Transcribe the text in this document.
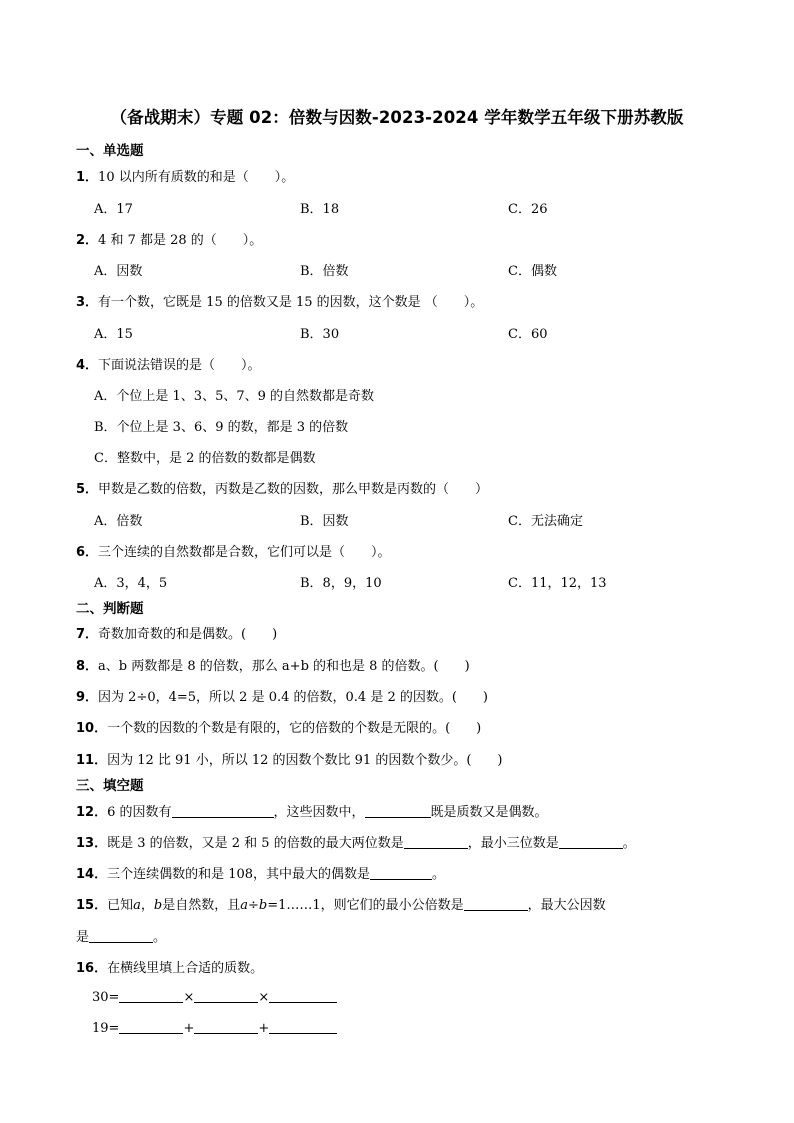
（备战期末）专题 02：倍数与因数-2023-2024 学年数学五年级下册苏教版
一、单选题
1．10 以内所有质数的和是（　　）。
A．17	B．18	C．26
2．4 和 7 都是 28 的（　　）。
A．因数	B．倍数	C．偶数
3．有一个数，它既是 15 的倍数又是 15 的因数，这个数是 （　　）。
A．15	B．30	C．60
4．下面说法错误的是（　　）。
A．个位上是 1、3、5、7、9 的自然数都是奇数
B．个位上是 3、6、9 的数，都是 3 的倍数
C．整数中，是 2 的倍数的数都是偶数
5．甲数是乙数的倍数，丙数是乙数的因数，那么甲数是丙数的（　　）
A．倍数	B．因数	C．无法确定
6．三个连续的自然数都是合数，它们可以是（　　）。
A．3，4，5	B．8，9，10	C．11，12，13
二、判断题
7．奇数加奇数的和是偶数。(　　)
8．a、b 两数都是 8 的倍数，那么 a+b 的和也是 8 的倍数。(　　)
9．因为 2÷0，4=5，所以 2 是 0.4 的倍数，0.4 是 2 的因数。(　　)
10．一个数的因数的个数是有限的，它的倍数的个数是无限的。(　　)
11．因为 12 比 91 小，所以 12 的因数个数比 91 的因数个数少。(　　)
三、填空题
12．6 的因数有	，这些因数中，	既是质数又是偶数。
13．既是 3 的倍数，又是 2 和 5 的倍数的最大两位数是	，最小三位数是	。
14．三个连续偶数的和是 108，其中最大的偶数是	。
15．已知a，b是自然数，且a÷b=1……1，则它们的最小公倍数是	，最大公因数
是	。
16．在横线里填上合适的质数。
30=	×	×
19=	+	+
